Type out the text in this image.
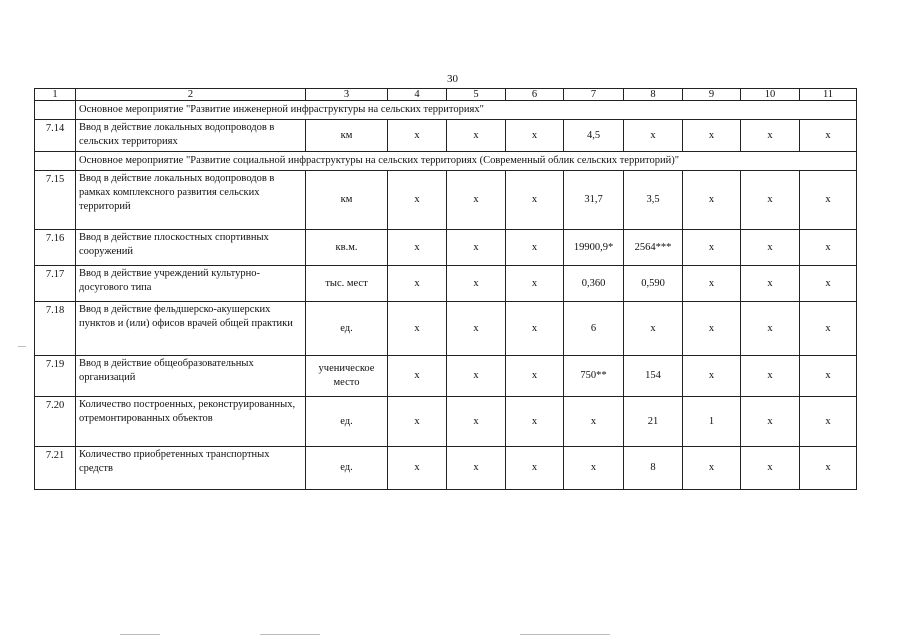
30
1	2	3	4	5	6	7	8	9	10	11
	Основное мероприятие "Развитие инженерной инфраструктуры на сельских территориях"									
7.14	Ввод в действие локальных водопроводов в сельских территориях	км	х	х	х	4,5	х	х	х	х
	Основное мероприятие "Развитие социальной инфраструктуры на сельских территориях (Современный облик сельских территорий)"									
7.15	Ввод в действие локальных водопроводов в рамках комплексного развития сельских территорий	км	х	х	х	31,7	3,5	х	х	х
7.16	Ввод в действие плоскостных спортивных сооружений	кв.м.	х	х	х	19900,9*	2564***	х	х	х
7.17	Ввод в действие учреждений культурно-досугового типа	тыс. мест	х	х	х	0,360	0,590	х	х	х
7.18	Ввод в действие фельдшерско-акушерских пунктов и (или) офисов врачей общей практики	ед.	х	х	х	6	х	х	х	х
7.19	Ввод в действие общеобразовательных организаций	ученическое место	х	х	х	750**	154	х	х	х
7.20	Количество построенных, реконструированных, отремонтированных объектов	ед.	х	х	х	х	21	1	х	х
7.21	Количество приобретенных транспортных средств	ед.	х	х	х	х	8	х	х	х
